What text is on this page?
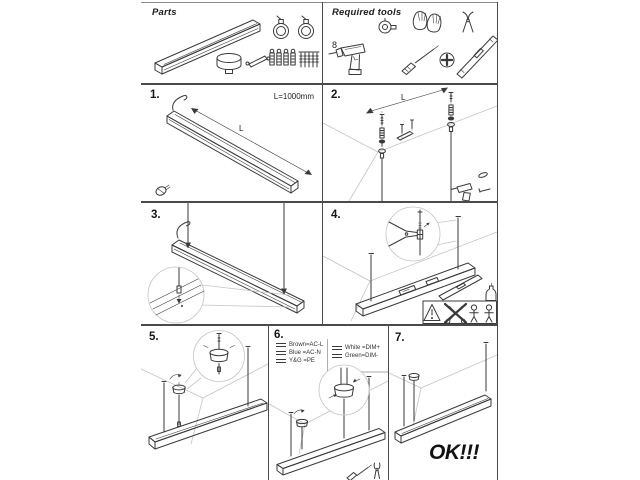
Parts	Required tools
8
1.	L=1000mm
L
2.	L
3.	4.
5.	6.
Brown=AC-L
Blue =AC-N
Y&G =PE
White =DIM+
Green=DIM-
7.
OK!!!
